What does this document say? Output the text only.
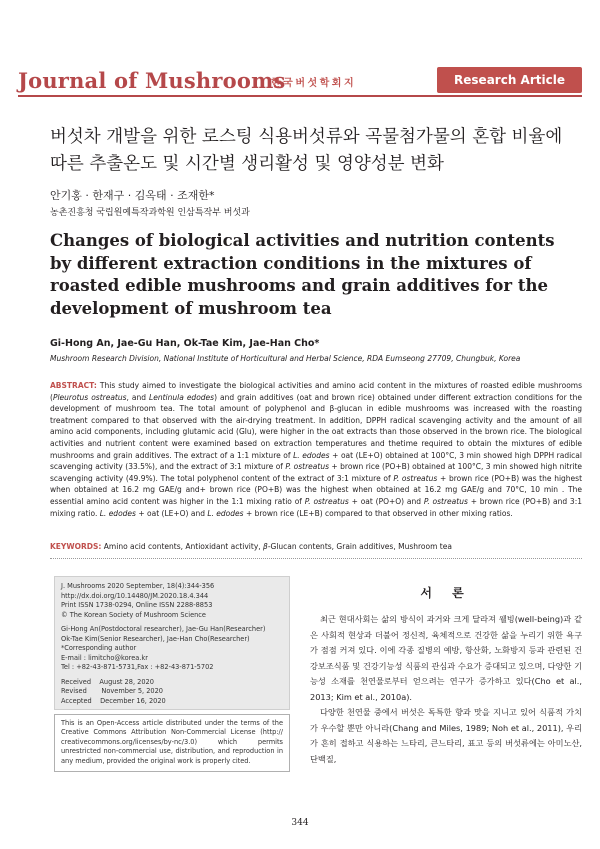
Journal of Mushrooms
한국버섯학회지	Research Article
버섯차 개발을 위한 로스팅 식용버섯류와 곡물첨가물의 혼합 비율에 따른 추출온도 및 시간별 생리활성 및 영양성분 변화
안기홍 · 한재구 · 김옥태 · 조재한*
농촌진흥청 국립원예특작과학원 인삼특작부 버섯과
Changes of biological activities and nutrition contents by different extraction conditions in the mixtures of roasted edible mushrooms and grain additives for the development of mushroom tea
Gi-Hong An, Jae-Gu Han, Ok-Tae Kim, Jae-Han Cho*
Mushroom Research Division, National Institute of Horticultural and Herbal Science, RDA Eumseong 27709, Chungbuk, Korea
ABSTRACT: This study aimed to investigate the biological activities and amino acid content in the mixtures of roasted edible mushrooms (Pleurotus ostreatus, and Lentinula edodes) and grain additives (oat and brown rice) obtained under different extraction conditions for the development of mushroom tea. The total amount of polyphenol and β-glucan in edible mushrooms was increased with the roasting treatment compared to that observed with the air-drying treatment. In addition, DPPH radical scavenging activity and the amount of all amino acid components, including glutamic acid (Glu), were higher in the oat extracts than those observed in the brown rice. The biological activities and nutrient content were examined based on extraction temperatures and thetime required to obtain the mixtures of edible mushrooms and grain additives. The extract of a 1:1 mixture of L. edodes + oat (LE+O) obtained at 100°C, 3 min showed high DPPH radical scavenging activity (33.5%), and the extract of 3:1 mixture of P. ostreatus + brown rice (PO+B) obtained at 100°C, 3 min showed high nitrite scavenging activity (49.9%). The total polyphenol content of the extract of 3:1 mixture of P. ostreatus + brown rice (PO+B) was the highest when obtained at 16.2 mg GAE/g and+ brown rice (PO+B) was the highest when obtained at 16.2 mg GAE/g and 70°C, 10 min . The essential amino acid content was higher in the 1:1 mixing ratio of P. ostreatus + oat (PO+O) and P. ostreatus + brown rice (PO+B) and 3:1 mixing ratio. L. edodes + oat (LE+O) and L. edodes + brown rice (LE+B) compared to that observed in other mixing ratios.
KEYWORDS: Amino acid contents, Antioxidant activity, β-Glucan contents, Grain additives, Mushroom tea

J. Mushrooms 2020 September, 18(4):344-356

http://dx.doi.org/10.14480/JM.2020.18.4.344

Print ISSN 1738-0294, Online ISSN 2288-8853

© The Korean Society of Mushroom Science

Gi-Hong An(Postdoctoral researcher), Jae-Gu Han(Researcher)

Ok-Tae Kim(Senior Researcher), Jae-Han Cho(Researcher)

*Corresponding author

E-mail : limitcho@korea.kr

Tel : +82-43-871-5731,Fax : +82-43-871-5702

Received    August 28, 2020

Revised       November 5, 2020

Accepted    December 16, 2020

This is an Open-Access article distributed under the terms of the Creative Commons Attribution Non-Commercial License (http:// creativecommons.org/licenses/by-nc/3.0) which permits unrestricted non-commercial use, distribution, and reproduction in any medium, provided the original work is properly cited.
서 론

최근 현대사회는 삶의 방식이 과거와 크게 달라져 웰빙(well-being)과 같은 사회적 현상과 더불어 정신적, 육체적으로 건강한 삶을 누리기 위한 욕구가 점점 커져 있다. 이에 각종 질병의 예방, 항산화, 노화방지 등과 관련된 건강보조식품 및 건강기능성 식품의 관심과 수요가 증대되고 있으며, 다양한 기능성 소재를 천연물로부터 얻으려는 연구가 증가하고 있다(Cho et al., 2013; Kim et al., 2010a).

다양한 천연물 중에서 버섯은 독특한 향과 맛을 지니고 있어 식품적 가치가 우수할 뿐만 아니라(Chang and Miles, 1989; Noh et al., 2011), 우리가 흔히 접하고 식용하는 느타리, 큰느타리, 표고 등의 버섯류에는 아미노산, 단백질,

344
